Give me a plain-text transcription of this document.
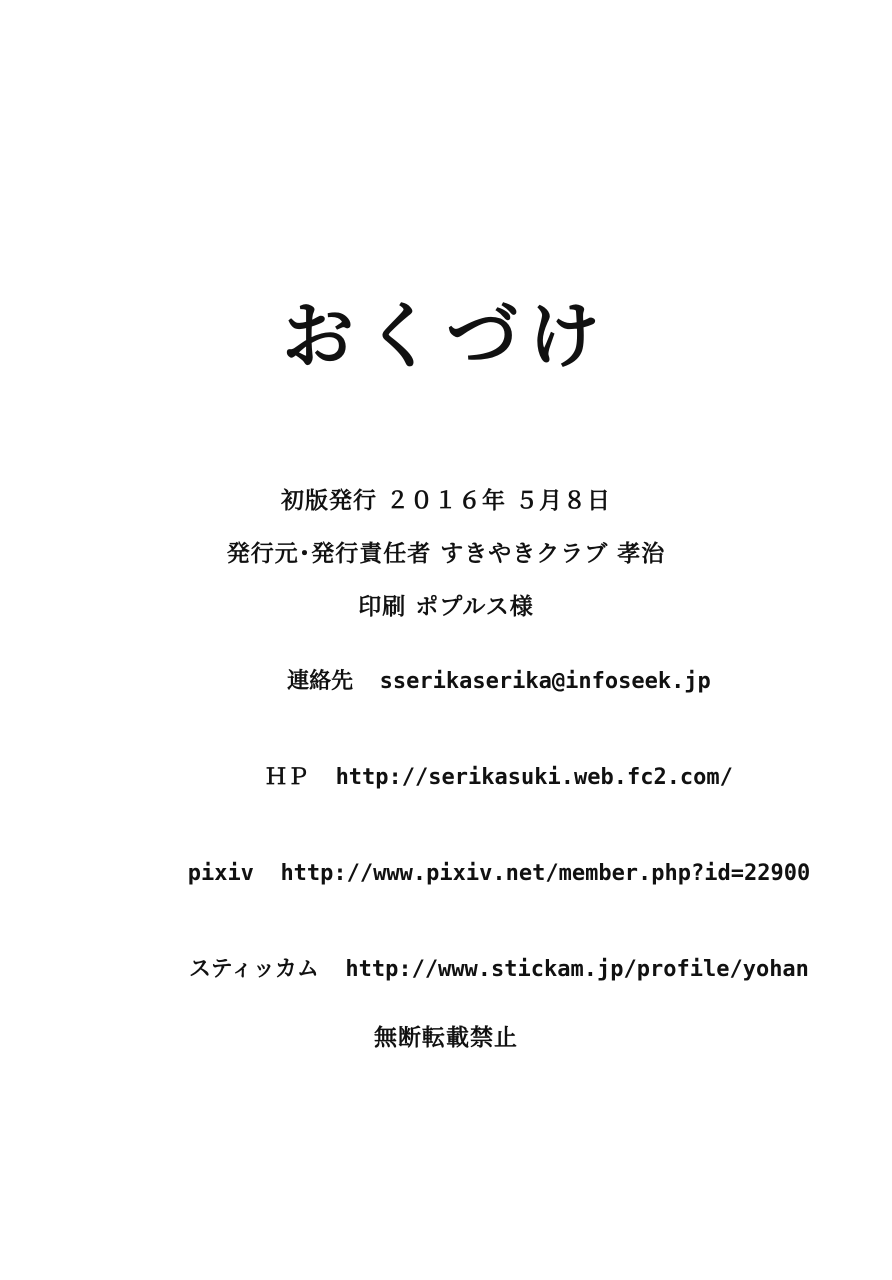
おくづけ
初版発行 ２０１６年 ５月８日
発行元･発行責任者 すきやきクラブ 孝治
印刷 ポプルス様

連絡先 sserikaserika@infoseek.jp

ＨＰ http://serikasuki.web.fc2.com/

pixiv http://www.pixiv.net/member.php?id=22900

スティッカム http://www.stickam.jp/profile/yohan

無断転載禁止
